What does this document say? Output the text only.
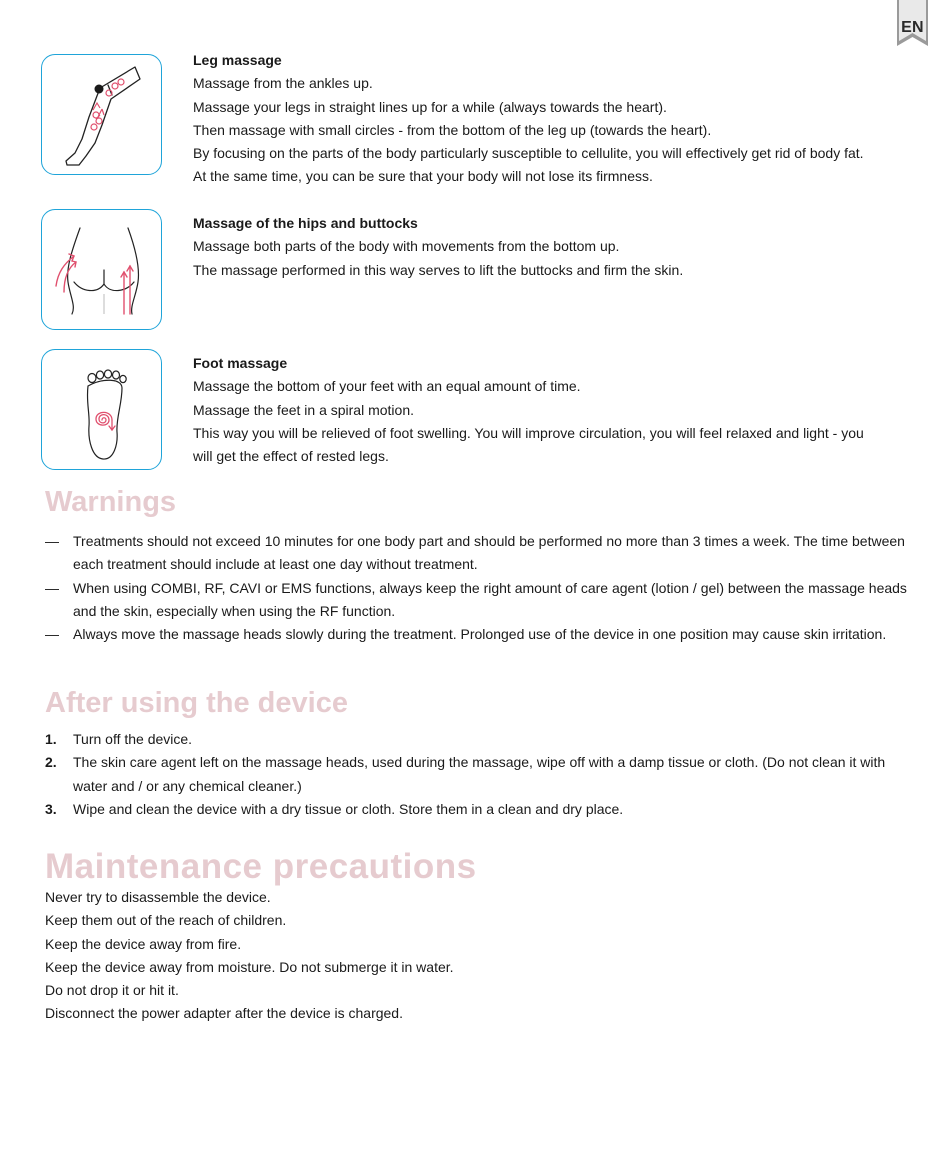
EN
Leg massage
Massage from the ankles up.
Massage your legs in straight lines up for a while (always towards the heart).
Then massage with small circles - from the bottom of the leg up (towards the heart).
By focusing on the parts of the body particularly susceptible to cellulite, you will effectively get rid of body fat.
At the same time, you can be sure that your body will not lose its firmness.
Massage of the hips and buttocks
Massage both parts of the body with movements from the bottom up.
The massage performed in this way serves to lift the buttocks and firm the skin.
Foot massage
Massage the bottom of your feet with an equal amount of time.
Massage the feet in a spiral motion.
This way you will be relieved of foot swelling. You will improve circulation, you will feel relaxed and light - you
will get the effect of rested legs.
Warnings
— Treatments should not exceed 10 minutes for one body part and should be performed no more than 3 times a week. The time between each treatment should include at least one day without treatment.
— When using COMBI, RF, CAVI or EMS functions, always keep the right amount of care agent (lotion / gel) between the massage heads and the skin, especially when using the RF function.
— Always move the massage heads slowly during the treatment. Prolonged use of the device in one position may cause skin irritation.
After using the device
1. Turn off the device.
2. The skin care agent left on the massage heads, used during the massage, wipe off with a damp tissue or cloth. (Do not clean it with water and / or any chemical cleaner.)
3. Wipe and clean the device with a dry tissue or cloth. Store them in a clean and dry place.
Maintenance precautions
Never try to disassemble the device.
Keep them out of the reach of children.
Keep the device away from fire.
Keep the device away from moisture. Do not submerge it in water.
Do not drop it or hit it.
Disconnect the power adapter after the device is charged.
